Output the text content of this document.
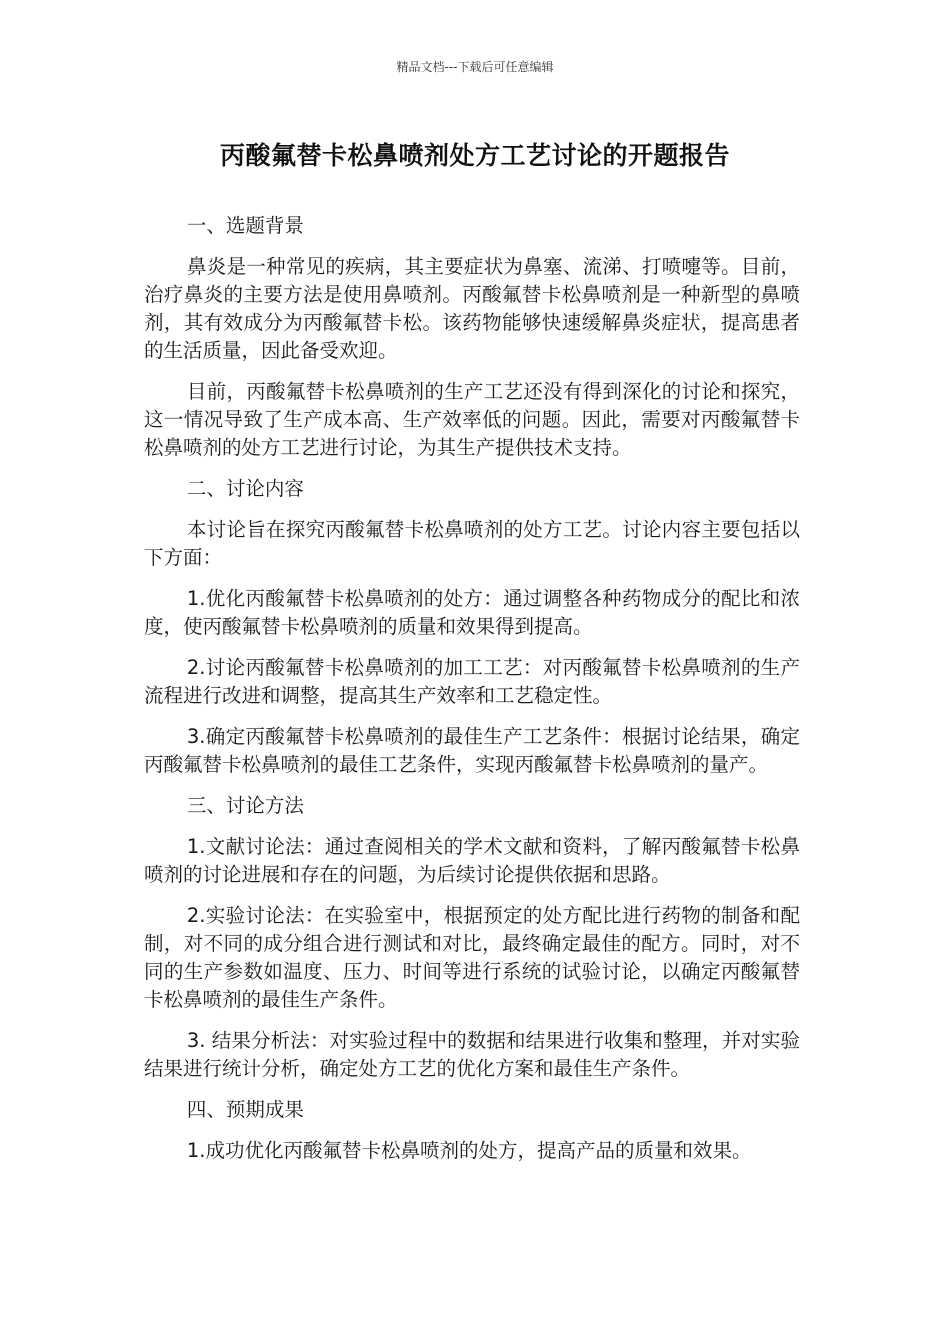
精品文档---下载后可任意编辑
丙酸氟替卡松鼻喷剂处方工艺讨论的开题报告

一、选题背景

鼻炎是一种常见的疾病，其主要症状为鼻塞、流涕、打喷嚏等。目前，治疗鼻炎的主要方法是使用鼻喷剂。丙酸氟替卡松鼻喷剂是一种新型的鼻喷剂，其有效成分为丙酸氟替卡松。该药物能够快速缓解鼻炎症状，提高患者的生活质量，因此备受欢迎。

目前，丙酸氟替卡松鼻喷剂的生产工艺还没有得到深化的讨论和探究，这一情况导致了生产成本高、生产效率低的问题。因此，需要对丙酸氟替卡松鼻喷剂的处方工艺进行讨论，为其生产提供技术支持。

二、讨论内容

本讨论旨在探究丙酸氟替卡松鼻喷剂的处方工艺。讨论内容主要包括以下方面：

1.优化丙酸氟替卡松鼻喷剂的处方：通过调整各种药物成分的配比和浓度，使丙酸氟替卡松鼻喷剂的质量和效果得到提高。

2.讨论丙酸氟替卡松鼻喷剂的加工工艺：对丙酸氟替卡松鼻喷剂的生产流程进行改进和调整，提高其生产效率和工艺稳定性。

3.确定丙酸氟替卡松鼻喷剂的最佳生产工艺条件：根据讨论结果，确定丙酸氟替卡松鼻喷剂的最佳工艺条件，实现丙酸氟替卡松鼻喷剂的量产。

三、讨论方法

1.文献讨论法：通过查阅相关的学术文献和资料，了解丙酸氟替卡松鼻喷剂的讨论进展和存在的问题，为后续讨论提供依据和思路。

2.实验讨论法：在实验室中，根据预定的处方配比进行药物的制备和配制，对不同的成分组合进行测试和对比，最终确定最佳的配方。同时，对不同的生产参数如温度、压力、时间等进行系统的试验讨论，以确定丙酸氟替卡松鼻喷剂的最佳生产条件。

3. 结果分析法：对实验过程中的数据和结果进行收集和整理，并对实验结果进行统计分析，确定处方工艺的优化方案和最佳生产条件。

四、预期成果

1.成功优化丙酸氟替卡松鼻喷剂的处方，提高产品的质量和效果。
